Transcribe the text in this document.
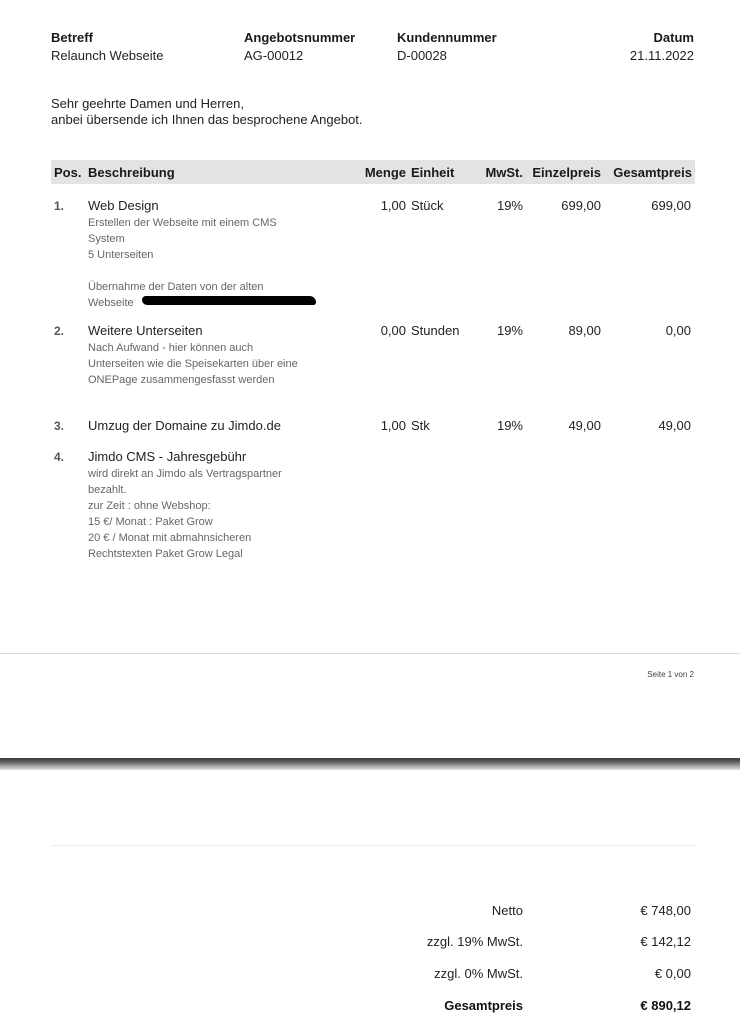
Betreff
Relaunch Webseite
Angebotsnummer
AG-00012
Kundennummer
D-00028
Datum
21.11.2022
Sehr geehrte Damen und Herren,
anbei übersende ich Ihnen das besprochene Angebot.
Pos. Beschreibung	Menge Einheit MwSt. Einzelpreis Gesamtpreis
1. Web Design
Erstellen der Webseite mit einem CMS
System
5 Unterseiten
Übernahme der Daten von der alten
Webseite
1,00 Stück	19%	699,00	699,00
2. Weitere Unterseiten
Nach Aufwand - hier können auch
Unterseiten wie die Speisekarten über eine
ONEPage zusammengesfasst werden
0,00 Stunden	19%	89,00	0,00
3. Umzug der Domaine zu Jimdo.de	1,00 Stk	19%	49,00	49,00
4. Jimdo CMS - Jahresgebühr
wird direkt an Jimdo als Vertragspartner
bezahlt.
zur Zeit : ohne Webshop:
15 €/ Monat : Paket Grow
20 € / Monat mit abmahnsicheren
Rechtstexten Paket Grow Legal
Seite 1 von 2
Netto	€ 748,00
zzgl. 19% MwSt.	€ 142,12
zzgl. 0% MwSt.	€ 0,00
Gesamtpreis	€ 890,12
